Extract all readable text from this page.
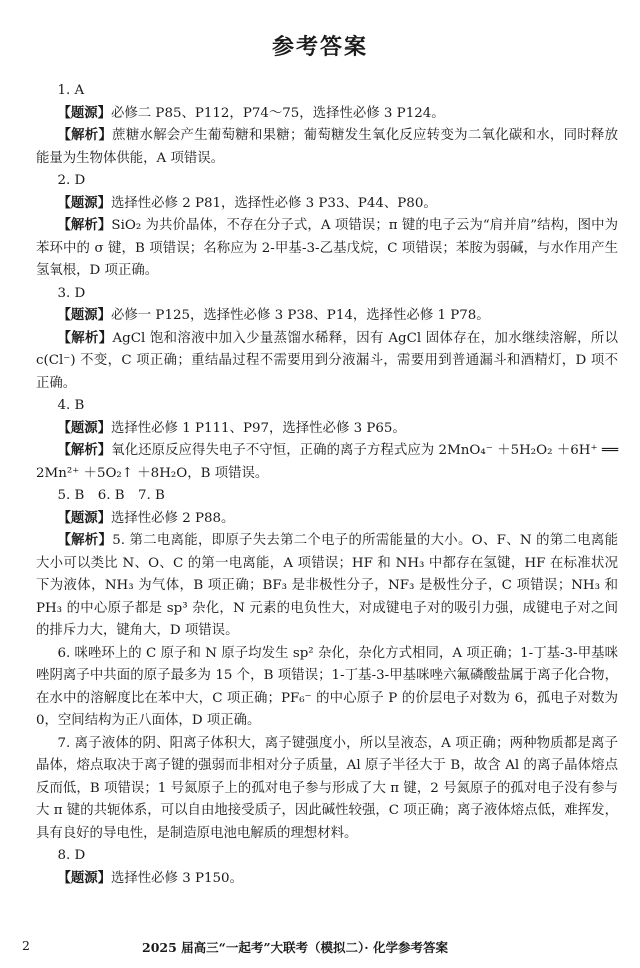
参考答案

1. A

【题源】必修二 P85、P112，P74～75，选择性必修 3 P124。

【解析】蔗糖水解会产生葡萄糖和果糖；葡萄糖发生氧化反应转变为二氧化碳和水，同时释放能量为生物体供能，A 项错误。

2. D

【题源】选择性必修 2 P81，选择性必修 3 P33、P44、P80。

【解析】SiO₂ 为共价晶体，不存在分子式，A 项错误；π 键的电子云为“肩并肩”结构，图中为苯环中的 σ 键，B 项错误；名称应为 2-甲基-3-乙基戊烷，C 项错误；苯胺为弱碱，与水作用产生氢氧根，D 项正确。

3. D

【题源】必修一 P125，选择性必修 3 P38、P14，选择性必修 1 P78。

【解析】AgCl 饱和溶液中加入少量蒸馏水稀释，因有 AgCl 固体存在，加水继续溶解，所以 c(Cl⁻) 不变，C 项正确；重结晶过程不需要用到分液漏斗，需要用到普通漏斗和酒精灯，D 项不正确。

4. B

【题源】选择性必修 1 P111、P97，选择性必修 3 P65。

【解析】氧化还原反应得失电子不守恒，正确的离子方程式应为 2MnO₄⁻ ＋5H₂O₂ ＋6H⁺ ══ 2Mn²⁺ ＋5O₂↑ ＋8H₂O，B 项错误。

5. B　6. B　7. B

【题源】选择性必修 2 P88。

【解析】5. 第二电离能，即原子失去第二个电子的所需能量的大小。O、F、N 的第二电离能大小可以类比 N、O、C 的第一电离能，A 项错误；HF 和 NH₃ 中都存在氢键，HF 在标准状况下为液体，NH₃ 为气体，B 项正确；BF₃ 是非极性分子，NF₃ 是极性分子，C 项错误；NH₃ 和 PH₃ 的中心原子都是 sp³ 杂化，N 元素的电负性大，对成键电子对的吸引力强，成键电子对之间的排斥力大，键角大，D 项错误。

6. 咪唑环上的 C 原子和 N 原子均发生 sp² 杂化，杂化方式相同，A 项正确；1-丁基-3-甲基咪唑阴离子中共面的原子最多为 15 个，B 项错误；1-丁基-3-甲基咪唑六氟磷酸盐属于离子化合物，在水中的溶解度比在苯中大，C 项正确；PF₆⁻ 的中心原子 P 的价层电子对数为 6，孤电子对数为 0，空间结构为正八面体，D 项正确。

7. 离子液体的阴、阳离子体积大，离子键强度小，所以呈液态，A 项正确；两种物质都是离子晶体，熔点取决于离子键的强弱而非相对分子质量，Al 原子半径大于 B，故含 Al 的离子晶体熔点反而低，B 项错误；1 号氮原子上的孤对电子参与形成了大 π 键，2 号氮原子的孤对电子没有参与大 π 键的共轭体系，可以自由地接受质子，因此碱性较强，C 项正确；离子液体熔点低，难挥发，具有良好的导电性，是制造原电池电解质的理想材料。

8. D

【题源】选择性必修 3 P150。

2	2025 届高三“一起考”大联考（模拟二）· 化学参考答案
